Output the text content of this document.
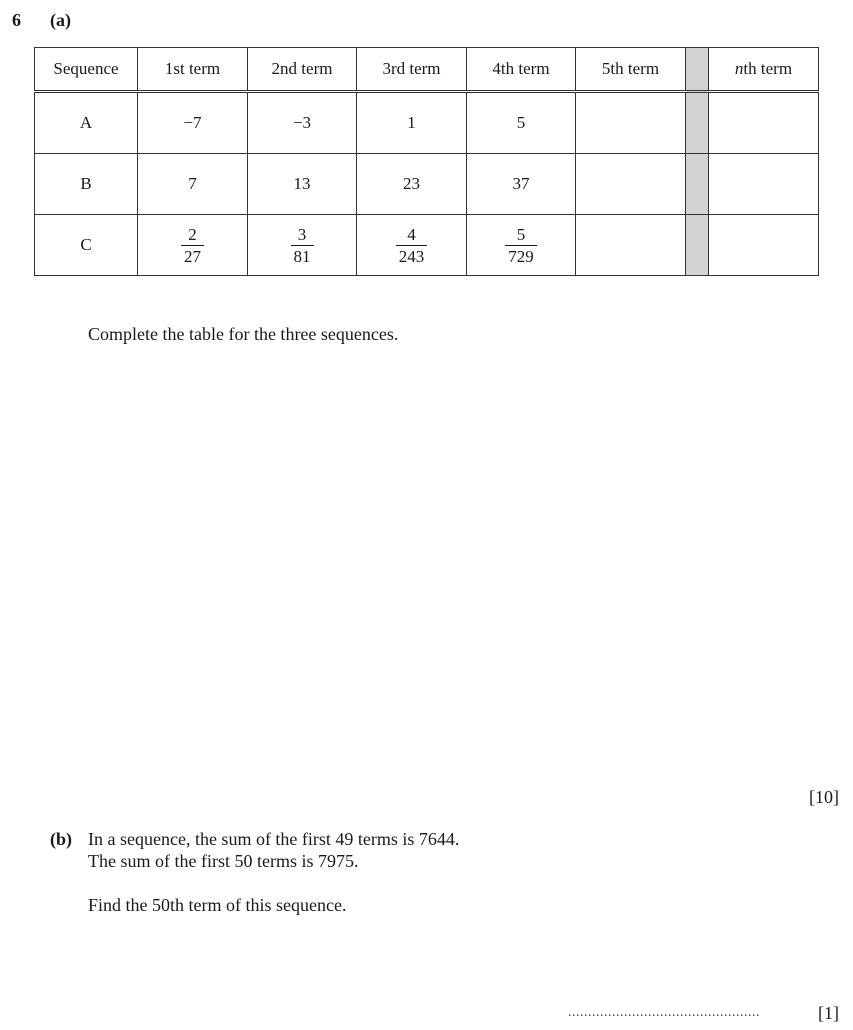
6 (a)
Sequence	1st term	2nd term	3rd term	4th term	5th term		nth term
A	−7	−3	1	5			
B	7	13	23	37			
C	$\frac{2}{27}$	$\frac{3}{81}$	$\frac{4}{243}$	$\frac{5}{729}$

Complete the table for the three sequences.
[10]
(b) In a sequence, the sum of the first 49 terms is 7644.
The sum of the first 50 terms is 7975.
Find the 50th term of this sequence.
................................................	[1]
